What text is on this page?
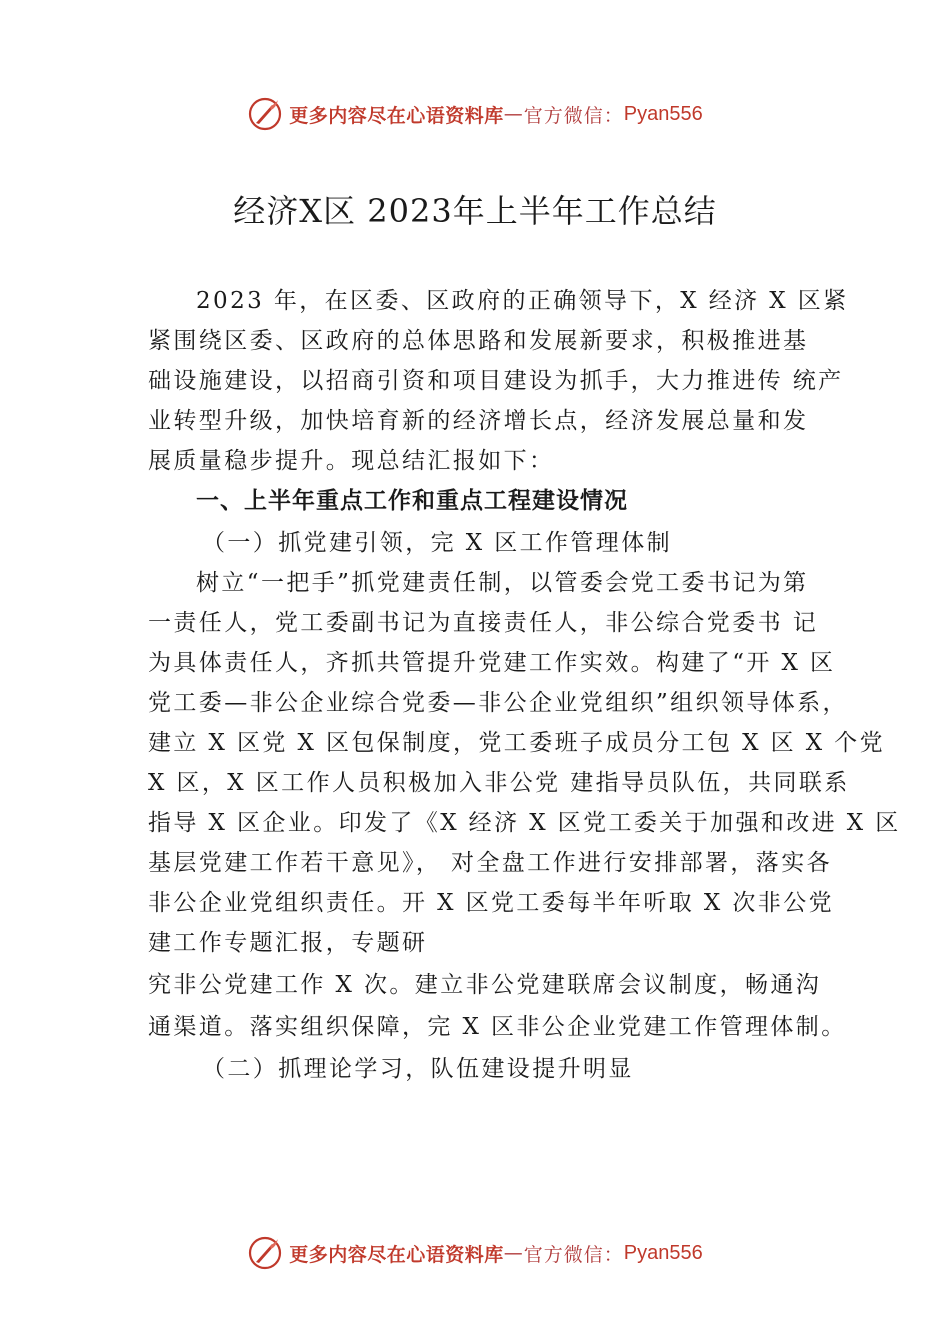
更多内容尽在心语资料库 — 官方微信： Pyan556
经济X区 2023年上半年工作总结
2023 年，在区委、区政府的正确领导下，X 经济 X 区紧
紧围绕区委、区政府的总体思路和发展新要求，积极推进基
础设施建设，以招商引资和项目建设为抓手，大力推进传 统产
业转型升级，加快培育新的经济增长点，经济发展总量和发
展质量稳步提升。现总结汇报如下：
一、上半年重点工作和重点工程建设情况
（一）抓党建引领，完 X 区工作管理体制
树立“一把手”抓党建责任制，以管委会党工委书记为第
一责任人，党工委副书记为直接责任人，非公综合党委书 记
为具体责任人，齐抓共管提升党建工作实效。构建了“开 X 区
党工委—非公企业综合党委—非公企业党组织”组织领导体系，
建立 X 区党 X 区包保制度，党工委班子成员分工包 X 区 X 个党
X 区，X 区工作人员积极加入非公党 建指导员队伍，共同联系
指导 X 区企业。印发了《X 经济 X 区党工委关于加强和改进 X 区
基层党建工作若干意见》， 对全盘工作进行安排部署，落实各
非公企业党组织责任。开 X 区党工委每半年听取 X 次非公党
建工作专题汇报，专题研
究非公党建工作 X 次。建立非公党建联席会议制度，畅通沟
通渠道。落实组织保障，完 X 区非公企业党建工作管理体制。
（二）抓理论学习，队伍建设提升明显
更多内容尽在心语资料库 — 官方微信： Pyan556
